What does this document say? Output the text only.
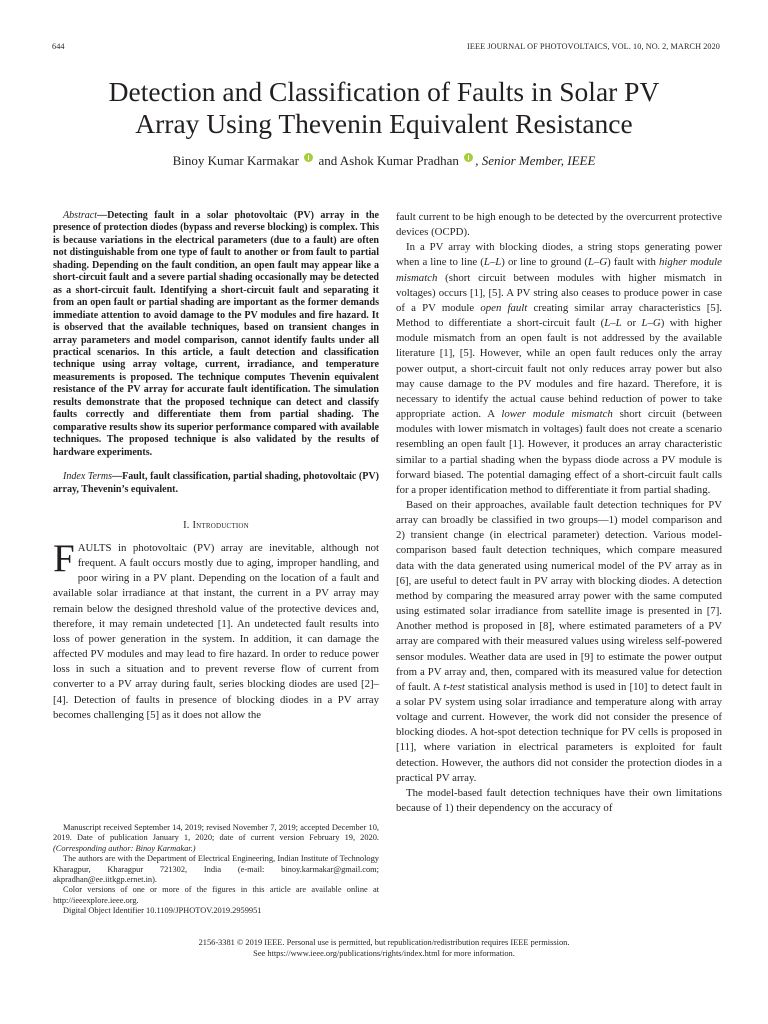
644	IEEE JOURNAL OF PHOTOVOLTAICS, VOL. 10, NO. 2, MARCH 2020
Detection and Classification of Faults in Solar PV
Array Using Thevenin Equivalent Resistance
Binoy Kumar Karmakar and Ashok Kumar Pradhan , Senior Member, IEEE

Abstract—Detecting fault in a solar photovoltaic (PV) array in the presence of protection diodes (bypass and reverse blocking) is complex. This is because variations in the electrical parameters (due to a fault) are often not distinguishable from one type of fault to another or from fault to partial shading. Depending on the fault condition, an open fault may appear like a short-circuit fault and a severe partial shading occasionally may be detected as a short-circuit fault. Identifying a short-circuit fault and separating it from an open fault or partial shading are important as the former demands immediate attention to avoid damage to the PV modules and fire hazard. It is observed that the available techniques, based on transient changes in array parameters and model comparison, cannot identify faults under all practical scenarios. In this article, a fault detection and classification technique using array voltage, current, irradiance, and temperature measurements is proposed. The technique computes Thevenin equivalent resistance of the PV array for accurate fault identification. The simulation results demonstrate that the proposed technique can detect and classify faults correctly and differentiate them from partial shading. The comparative results show its superior performance compared with available techniques. The proposed technique is also validated by the results of hardware experiments.

Index Terms—Fault, fault classification, partial shading, photovoltaic (PV) array, Thevenin’s equivalent.

I. Introduction

FAULTS in photovoltaic (PV) array are inevitable, although not frequent. A fault occurs mostly due to aging, improper handling, and poor wiring in a PV plant. Depending on the location of a fault and available solar irradiance at that instant, the current in a PV array may remain below the designed threshold value of the protective devices and, therefore, it may remain undetected [1]. An undetected fault results into loss of power generation in the system. In addition, it can damage the affected PV modules and may lead to fire hazard. In order to reduce power loss in such a situation and to prevent reverse flow of current from converter to a PV array during fault, series blocking diodes are used [2]–[4]. Detection of faults in presence of blocking diodes in a PV array becomes challenging [5] as it does not allow the

Manuscript received September 14, 2019; revised November 7, 2019; accepted December 10, 2019. Date of publication January 1, 2020; date of current version February 19, 2020. (Corresponding author: Binoy Karmakar.)

The authors are with the Department of Electrical Engineering, Indian Institute of Technology Kharagpur, Kharagpur 721302, India (e-mail: binoy.karmakar@gmail.com; akpradhan@ee.iitkgp.ernet.in).

Color versions of one or more of the figures in this article are available online at http://ieeexplore.ieee.org.

Digital Object Identifier 10.1109/JPHOTOV.2019.2959951

fault current to be high enough to be detected by the overcurrent protective devices (OCPD).

In a PV array with blocking diodes, a string stops generating power when a line to line (L–L) or line to ground (L–G) fault with higher module mismatch (short circuit between modules with higher mismatch in voltages) occurs [1], [5]. A PV string also ceases to produce power in case of a PV module open fault creating similar array characteristics [5]. Method to differentiate a short-circuit fault (L–L or L–G) with higher module mismatch from an open fault is not addressed by the available literature [1], [5]. However, while an open fault reduces only the array power output, a short-circuit fault not only reduces array power but also may cause damage to the PV modules and fire hazard. Therefore, it is necessary to identify the actual cause behind reduction of power to take appropriate action. A lower module mismatch short circuit (between modules with lower mismatch in voltages) fault does not create a scenario resembling an open fault [1]. However, it produces an array characteristic similar to a partial shading when the bypass diode across a PV module is forward biased. The potential damaging effect of a short-circuit fault calls for a proper identification method to differentiate it from partial shading.

Based on their approaches, available fault detection techniques for PV array can broadly be classified in two groups—1) model comparison and 2) transient change (in electrical parameter) detection. Various model-comparison based fault detection techniques, which compare measured data with the data generated using numerical model of the PV array as in [6], are useful to detect fault in PV array with blocking diodes. A detection method by comparing the measured array power with the same computed using estimated solar irradiance from satellite image is presented in [7]. Another method is proposed in [8], where estimated parameters of a PV array are compared with their measured values using wireless self-powered sensor modules. Weather data are used in [9] to estimate the power output from a PV array and, then, compared with its measured value for detection of fault. A t-test statistical analysis method is used in [10] to detect fault in a solar PV system using solar irradiance and temperature along with array voltage and current. However, the work did not consider the presence of blocking diodes. A hot-spot detection technique for PV cells is proposed in [11], where variation in electrical parameters is exploited for fault detection. However, the authors did not consider the protection diodes in a practical PV array.

The model-based fault detection techniques have their own limitations because of 1) their dependency on the accuracy of

2156-3381 © 2019 IEEE. Personal use is permitted, but republication/redistribution requires IEEE permission.
See https://www.ieee.org/publications/rights/index.html for more information.
